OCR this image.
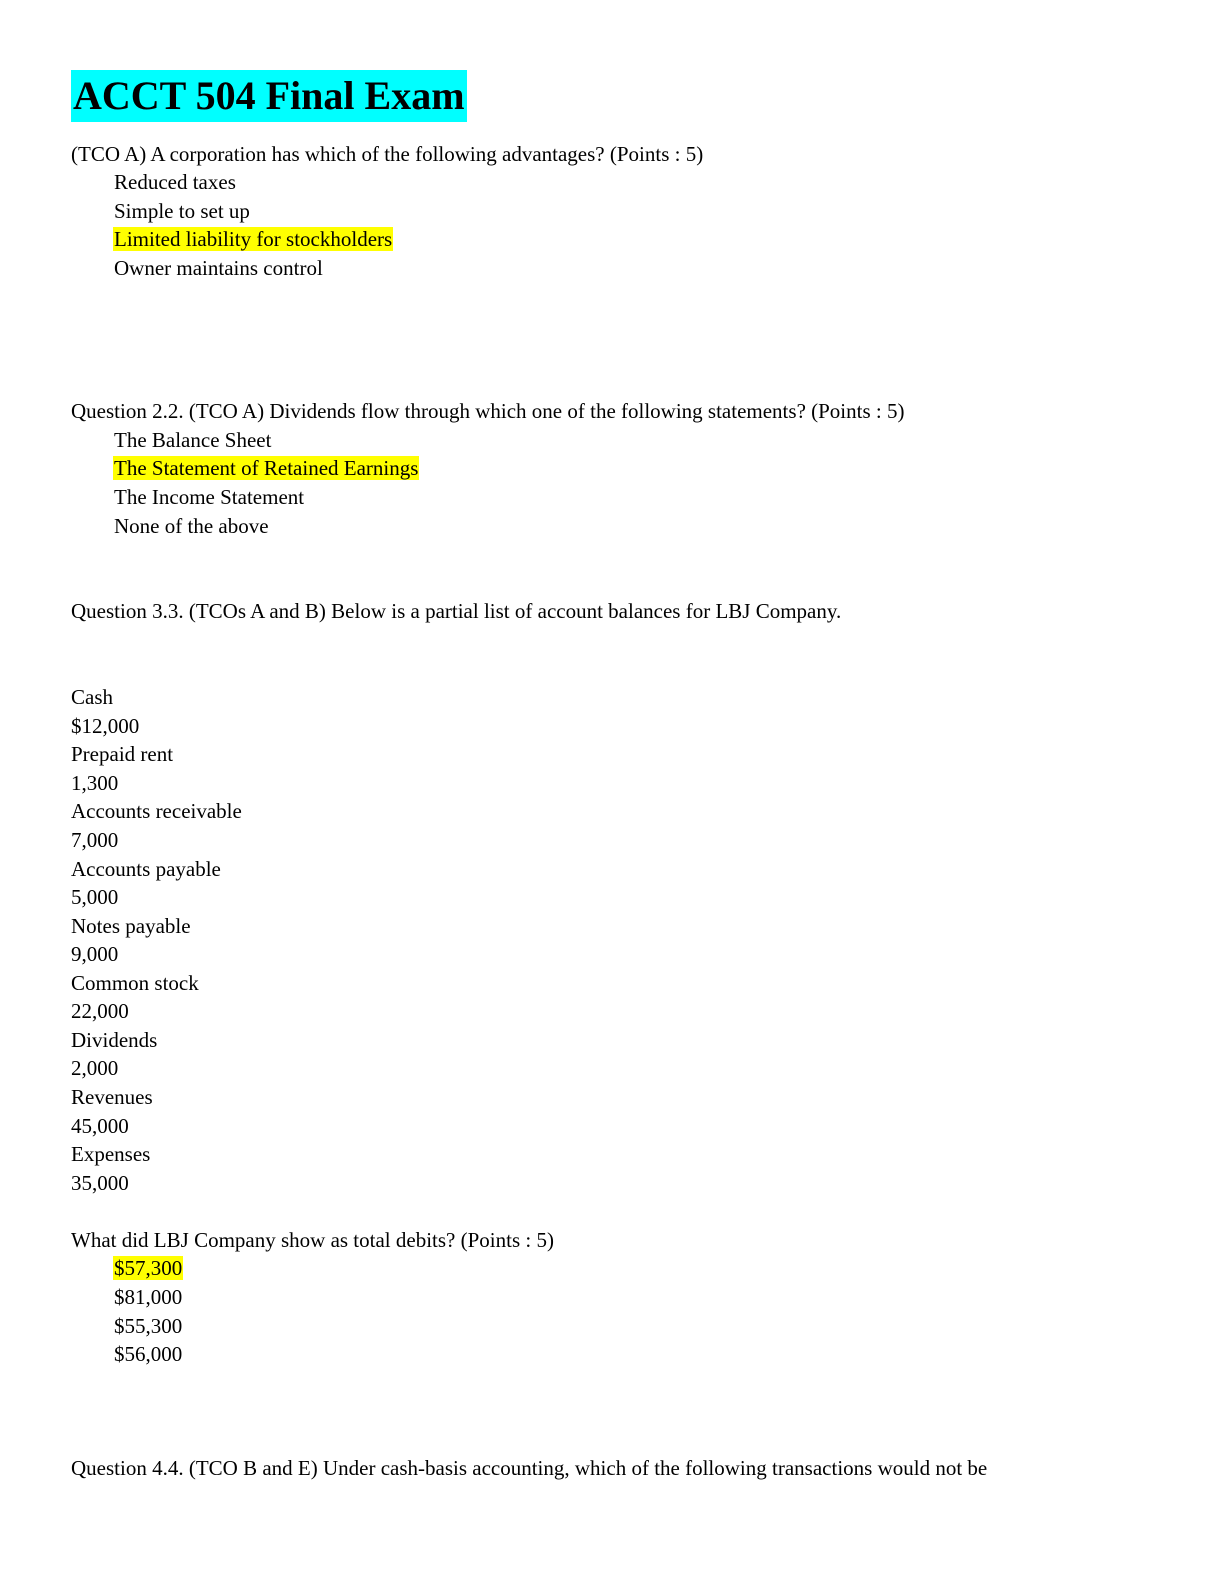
ACCT 504 Final Exam
(TCO A) A corporation has which of the following advantages? (Points : 5)
Reduced taxes
Simple to set up
Limited liability for stockholders
Owner maintains control
Question 2.2. (TCO A) Dividends flow through which one of the following statements? (Points : 5)
The Balance Sheet
The Statement of Retained Earnings
The Income Statement
None of the above
Question 3.3. (TCOs A and B) Below is a partial list of account balances for LBJ Company.
Cash
$12,000
Prepaid rent
1,300
Accounts receivable
7,000
Accounts payable
5,000
Notes payable
9,000
Common stock
22,000
Dividends
2,000
Revenues
45,000
Expenses
35,000
What did LBJ Company show as total debits? (Points : 5)
$57,300
$81,000
$55,300
$56,000
Question 4.4. (TCO B and E) Under cash-basis accounting, which of the following transactions would not be
